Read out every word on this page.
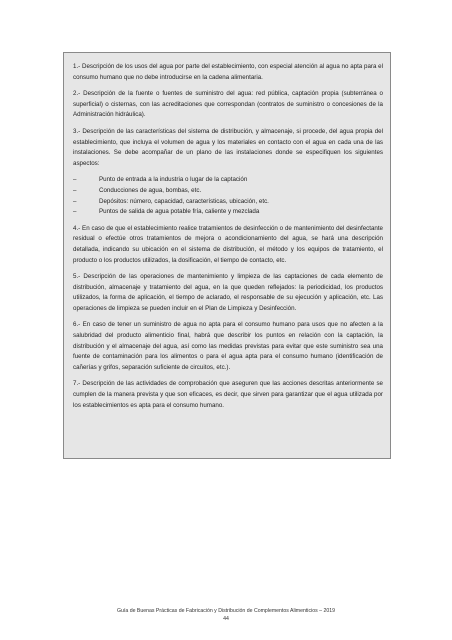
1.- Descripción de los usos del agua por parte del establecimiento, con especial atención al agua no apta para el consumo humano que no debe introducirse en la cadena alimentaria.

2.- Descripción de la fuente o fuentes de suministro del agua: red pública, captación propia (subterránea o superficial) o cisternas, con las acreditaciones que correspondan (contratos de suministro o concesiones de la Administración hidráulica).

3.- Descripción de las características del sistema de distribución, y almacenaje, si procede, del agua propia del establecimiento, que incluya el volumen de agua y los materiales en contacto con el agua en cada una de las instalaciones. Se debe acompañar de un plano de las instalaciones donde se especifiquen los siguientes aspectos:

–	Punto de entrada a la industria o lugar de la captación
–	Conducciones de agua, bombas, etc.
–	Depósitos: número, capacidad, características, ubicación, etc.
–	Puntos de salida de agua potable fría, caliente y mezclada

4.- En caso de que el establecimiento realice tratamientos de desinfección o de mantenimiento del desinfectante residual o efectúe otros tratamientos de mejora o acondicionamiento del agua, se hará una descripción detallada, indicando su ubicación en el sistema de distribución, el método y los equipos de tratamiento, el producto o los productos utilizados, la dosificación, el tiempo de contacto, etc.

5.- Descripción de las operaciones de mantenimiento y limpieza de las captaciones de cada elemento de distribución, almacenaje y tratamiento del agua, en la que queden reflejados: la periodicidad, los productos utilizados, la forma de aplicación, el tiempo de aclarado, el responsable de su ejecución y aplicación, etc. Las operaciones de limpieza se pueden incluir en el Plan de Limpieza y Desinfección.

6.- En caso de tener un suministro de agua no apta para el consumo humano para usos que no afecten a la salubridad del producto alimenticio final, habrá que describir los puntos en relación con la captación, la distribución y el almacenaje del agua, así como las medidas previstas para evitar que este suministro sea una fuente de contaminación para los alimentos o para el agua apta para el consumo humano (identificación de cañerías y grifos, separación suficiente de circuitos, etc.).

7.- Descripción de las actividades de comprobación que aseguren que las acciones descritas anteriormente se cumplen de la manera prevista y que son eficaces, es decir, que sirven para garantizar que el agua utilizada por los establecimientos es apta para el consumo humano.

Guía de Buenas Prácticas de Fabricación y Distribución de Complementos Alimenticios – 2019
44
